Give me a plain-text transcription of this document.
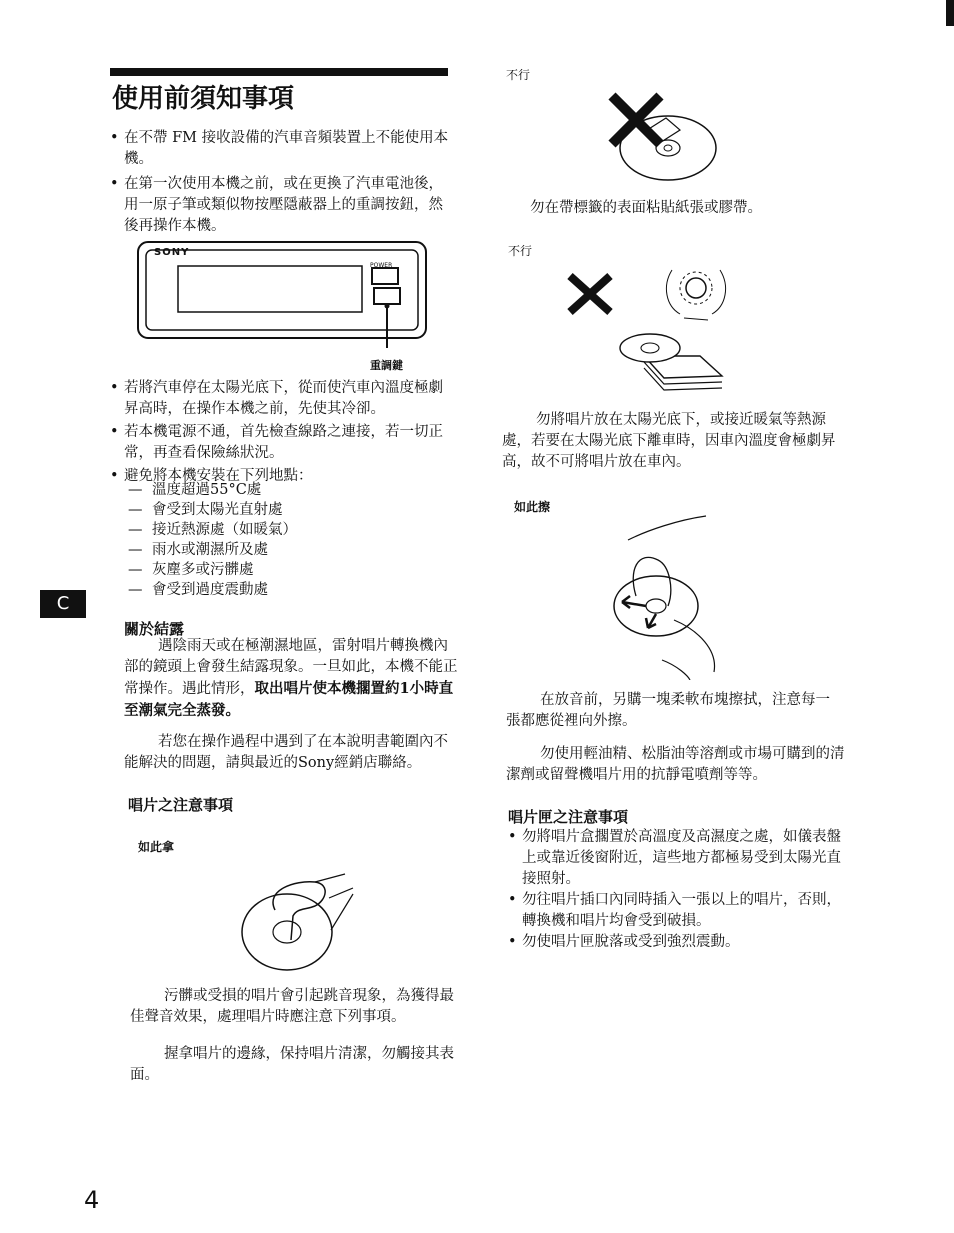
使用前須知事項
• 在不帶 FM 接收設備的汽車音頻裝置上不能使用本機。
• 在第一次使用本機之前，或在更換了汽車電池後，用一原子筆或類似物按壓隱蔽器上的重調按鈕，然後再操作本機。
SONY
POWER
重調鍵
• 若將汽車停在太陽光底下，從而使汽車內溫度極劇昇高時，在操作本機之前，先使其冷卻。
• 若本機電源不通，首先檢查線路之連接，若一切正常，再查看保險絲狀況。
• 避免將本機安裝在下列地點：
— 溫度超過55°C處
— 會受到太陽光直射處
— 接近熱源處（如暖氣）
— 雨水或潮濕所及處
— 灰塵多或污髒處
— 會受到過度震動處
C
關於結露
遇陰雨天或在極潮濕地區，雷射唱片轉換機內部的鏡頭上會發生結露現象。一旦如此，本機不能正常操作。遇此情形，取出唱片使本機擱置約1小時直至潮氣完全蒸發。
若您在操作過程中遇到了在本說明書範圍內不能解決的問題，請與最近的Sony經銷店聯絡。
唱片之注意事項
如此拿
污髒或受損的唱片會引起跳音現象，為獲得最佳聲音效果，處理唱片時應注意下列事項。
握拿唱片的邊緣，保持唱片清潔，勿觸接其表面。
4
不行
勿在帶標籤的表面粘貼紙張或膠帶。
不行
勿將唱片放在太陽光底下，或接近暖氣等熱源處，若要在太陽光底下離車時，因車內溫度會極劇昇高，故不可將唱片放在車內。
如此擦
在放音前，另購一塊柔軟布塊擦拭，注意每一張都應從裡向外擦。
勿使用輕油精、松脂油等溶劑或市場可購到的清潔劑或留聲機唱片用的抗靜電噴劑等等。
唱片匣之注意事項
• 勿將唱片盒擱置於高溫度及高濕度之處，如儀表盤上或靠近後窗附近，這些地方都極易受到太陽光直接照射。
• 勿往唱片插口內同時插入一張以上的唱片，否則，轉換機和唱片均會受到破損。
• 勿使唱片匣脫落或受到強烈震動。
